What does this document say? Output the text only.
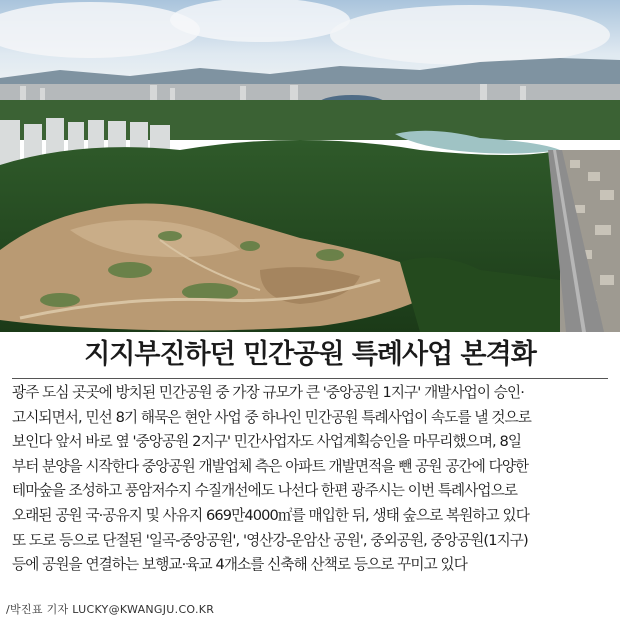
지지부진하던 민간공원 특례사업 본격화
광주 도심 곳곳에 방치된 민간공원 중 가장 규모가 큰 '중앙공원 1지구' 개발사업이 승인·
고시되면서, 민선 8기 해묵은 현안 사업 중 하나인 민간공원 특례사업이 속도를 낼 것으로
보인다 앞서 바로 옆 '중앙공원 2지구' 민간사업자도 사업계획승인을 마무리했으며, 8일
부터 분양을 시작한다 중앙공원 개발업체 측은 아파트 개발면적을 뺀 공원 공간에 다양한
테마숲을 조성하고 풍암저수지 수질개선에도 나선다 한편 광주시는 이번 특례사업으로
오래된 공원 국·공유지 및 사유지 669만4000㎡를 매입한 뒤, 생태 숲으로 복원하고 있다
또 도로 등으로 단절된 '일곡-중앙공원', '영산강-운암산 공원', 중외공원, 중앙공원(1지구)
등에 공원을 연결하는 보행교·육교 4개소를 신축해 산책로 등으로 꾸미고 있다
/박진표 기자 LUCKY@KWANGJU.CO.KR
